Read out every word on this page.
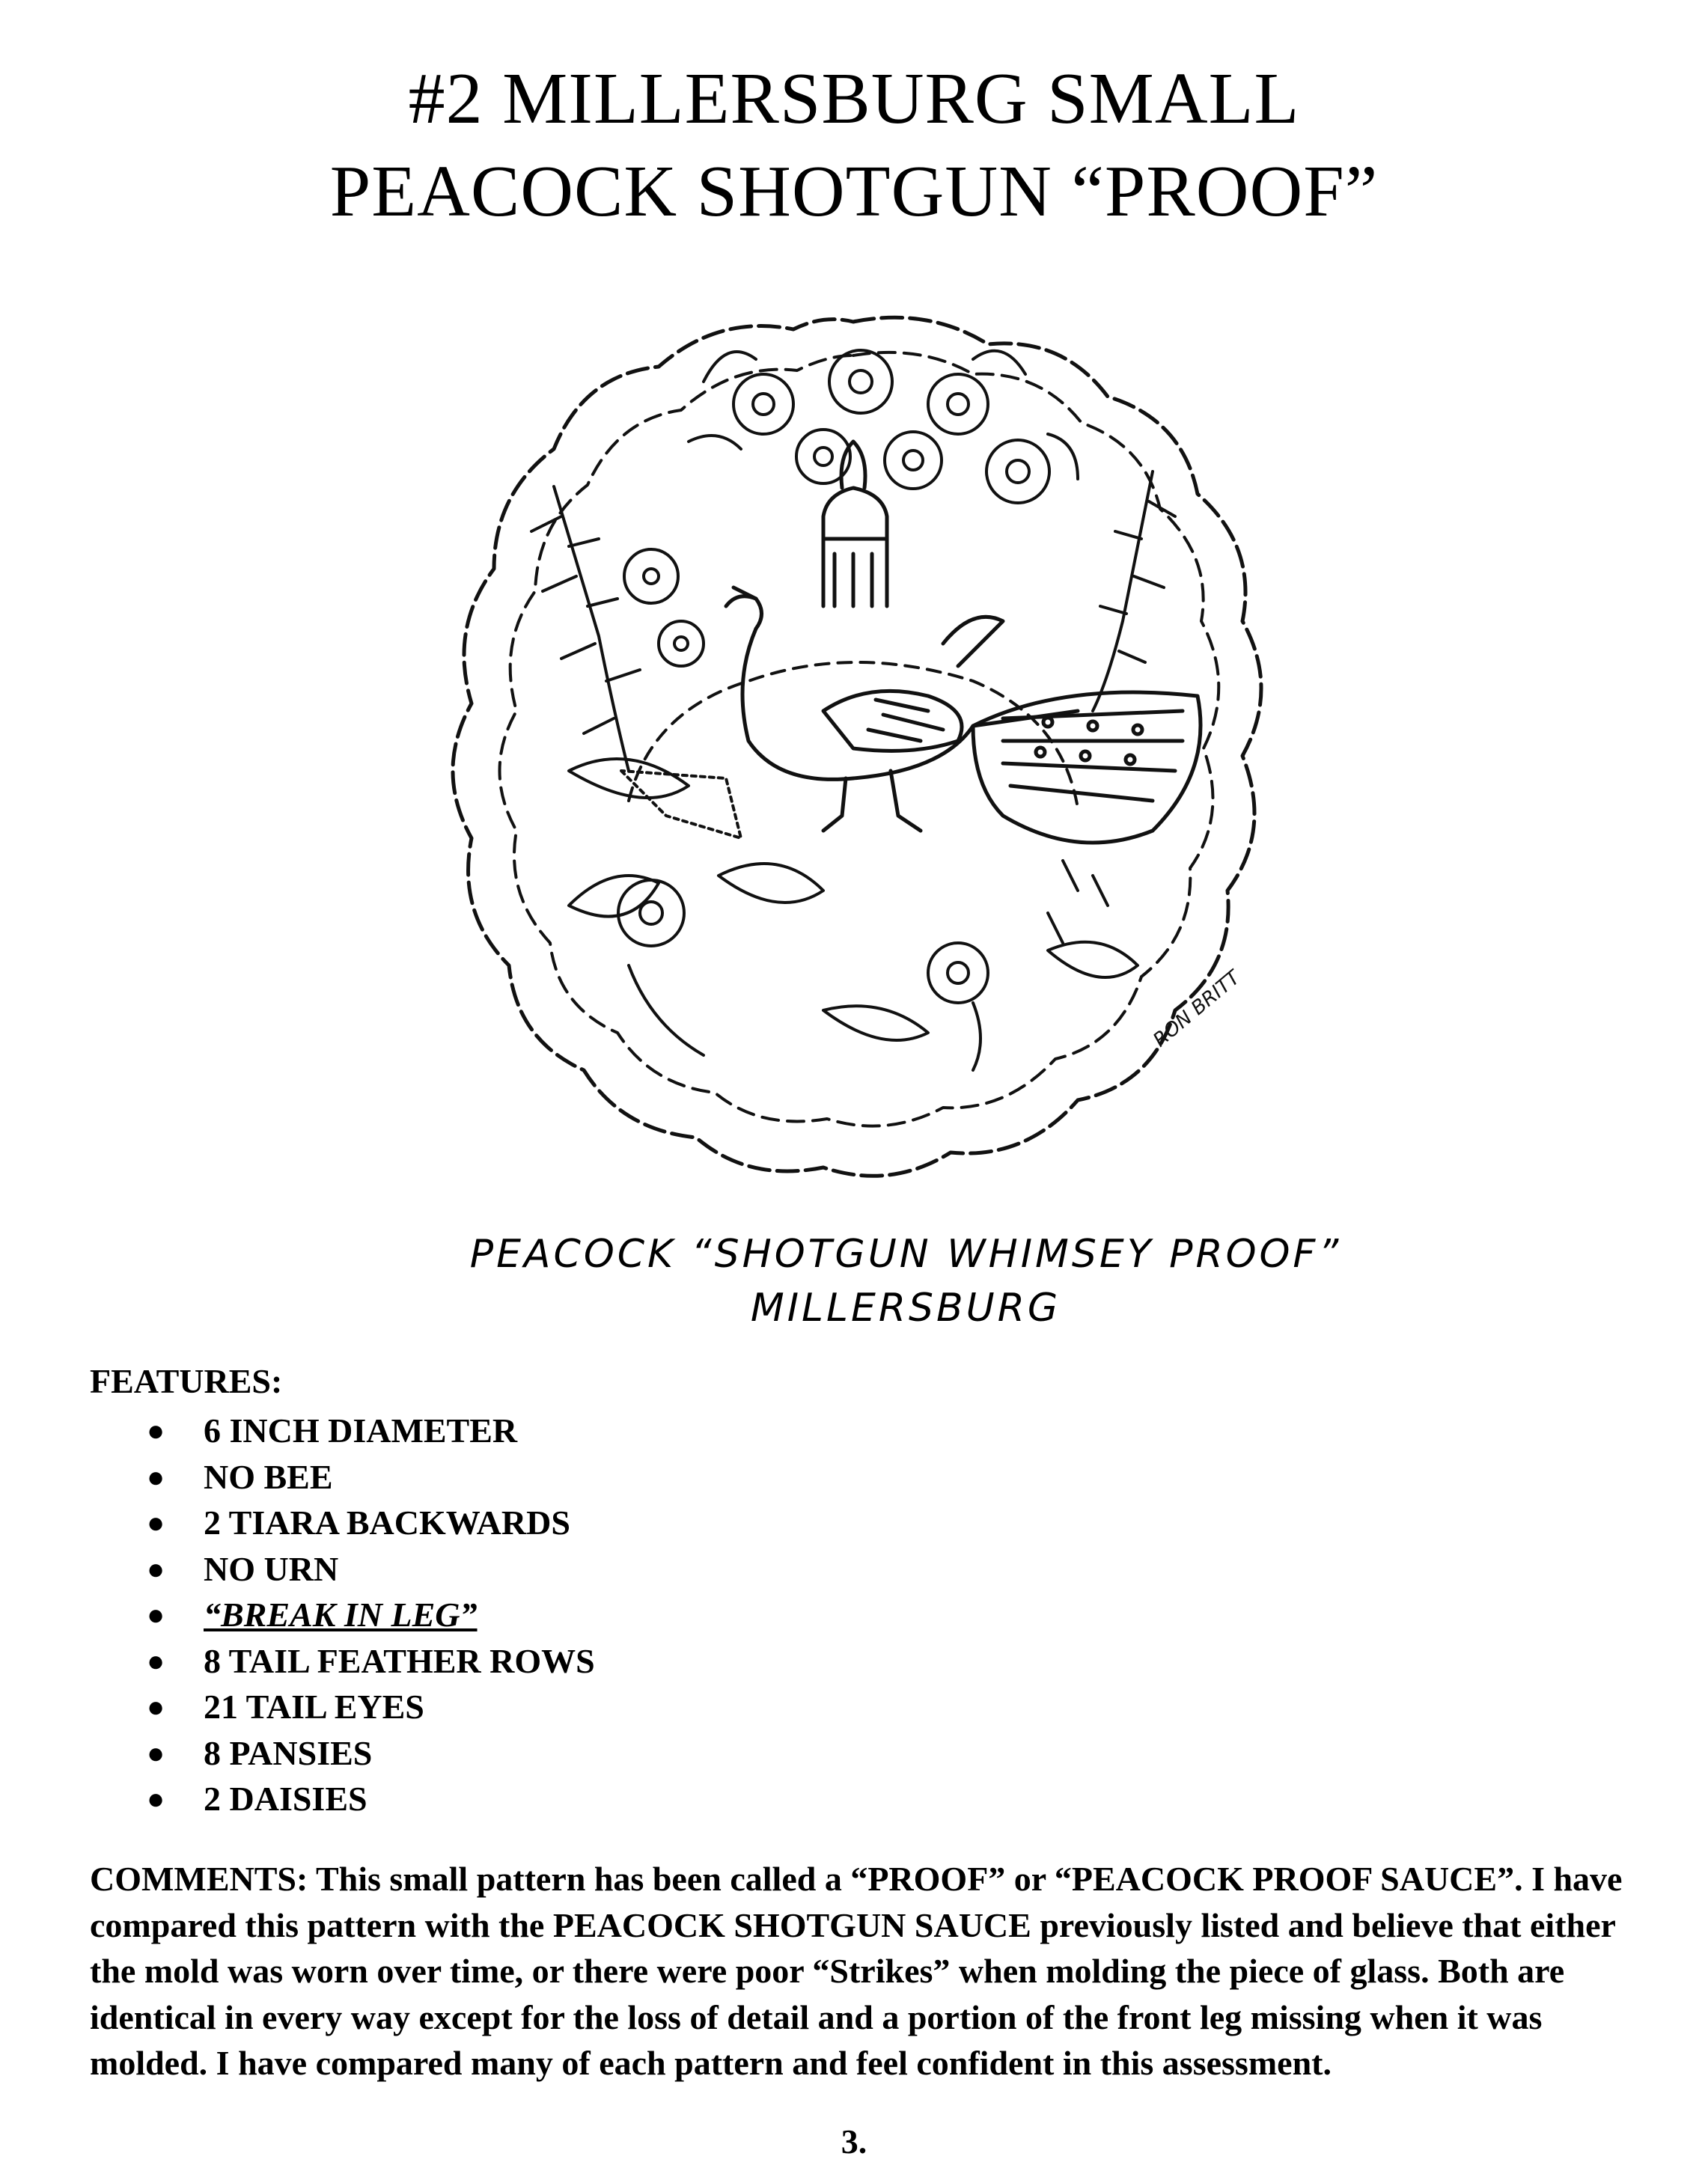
#2 MILLERSBURG SMALL
PEACOCK SHOTGUN “PROOF”
RON BRITT
PEACOCK “SHOTGUN WHIMSEY PROOF”
MILLERSBURG
FEATURES:
● 6 INCH DIAMETER
● NO BEE
● 2 TIARA BACKWARDS
● NO URN
● “BREAK IN LEG”
● 8 TAIL FEATHER ROWS
● 21 TAIL EYES
● 8 PANSIES
● 2 DAISIES
COMMENTS: This small pattern has been called a “PROOF” or “PEACOCK PROOF SAUCE”. I have compared this pattern with the PEACOCK SHOTGUN SAUCE previously listed and believe that either the mold was worn over time, or there were poor “Strikes” when molding the piece of glass. Both are identical in every way except for the loss of detail and a portion of the front leg missing when it was molded. I have compared many of each pattern and feel confident in this assessment.
3.
